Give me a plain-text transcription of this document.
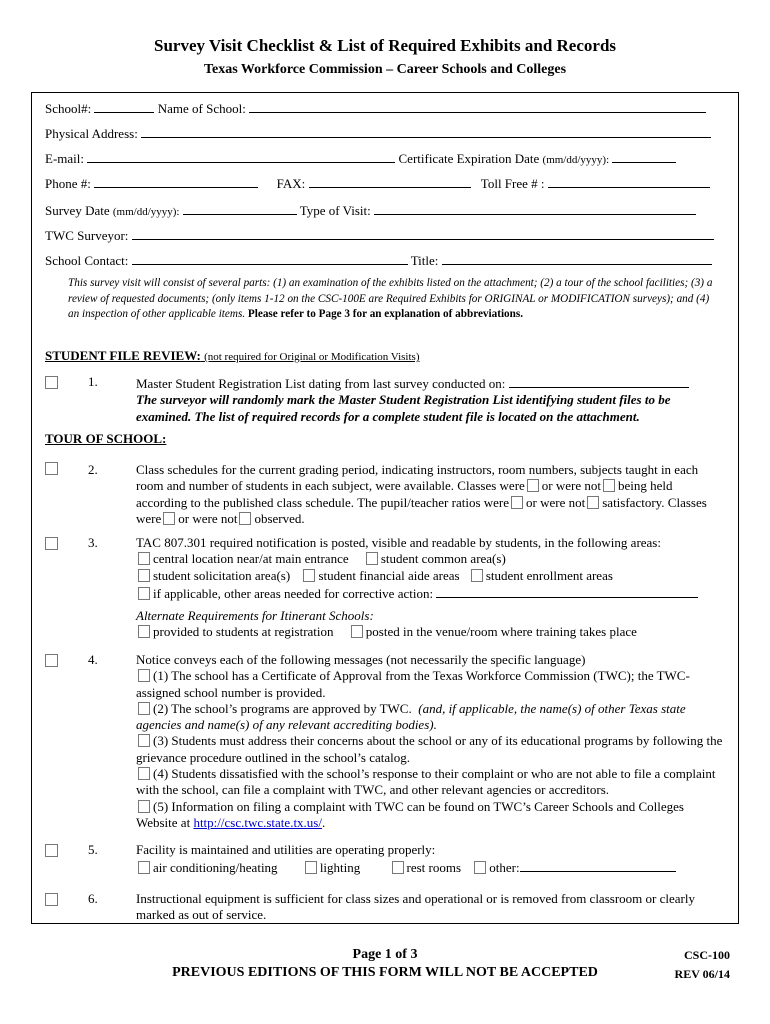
Survey Visit Checklist & List of Required Exhibits and Records
Texas Workforce Commission – Career Schools and Colleges
School#:	Name of School:
Physical Address:
E-mail:	Certificate Expiration Date (mm/dd/yyyy):
Phone #:	FAX:	Toll Free # :
Survey Date (mm/dd/yyyy):	Type of Visit:
TWC Surveyor:
School Contact:	Title:
This survey visit will consist of several parts: (1) an examination of the exhibits listed on the attachment; (2) a tour of the school facilities; (3) a review of requested documents; (only items 1-12 on the CSC-100E are Required Exhibits for ORIGINAL or MODIFICATION surveys); and (4) an inspection of other applicable items. Please refer to Page 3 for an explanation of abbreviations.
STUDENT FILE REVIEW: (not required for Original or Modification Visits)
1.	Master Student Registration List dating from last survey conducted on:
The surveyor will randomly mark the Master Student Registration List identifying student files to be examined. The list of required records for a complete student file is located on the attachment.
TOUR OF SCHOOL:
2.	Class schedules for the current grading period, indicating instructors, room numbers, subjects taught in each room and number of students in each subject, were available. Classes were or were not being held according to the published class schedule. The pupil/teacher ratios were or were not satisfactory. Classes were or were not observed.
3.	TAC 807.301 required notification is posted, visible and readable by students, in the following areas:
central location near/at main entrance student common area(s)
student solicitation area(s) student financial aide areas student enrollment areas
if applicable, other areas needed for corrective action:
Alternate Requirements for Itinerant Schools:
provided to students at registration posted in the venue/room where training takes place
4.	Notice conveys each of the following messages (not necessarily the specific language)
(1) The school has a Certificate of Approval from the Texas Workforce Commission (TWC); the TWC-assigned school number is provided.
(2) The school’s programs are approved by TWC. (and, if applicable, the name(s) of other Texas state agencies and name(s) of any relevant accrediting bodies).
(3) Students must address their concerns about the school or any of its educational programs by following the grievance procedure outlined in the school’s catalog.
(4) Students dissatisfied with the school’s response to their complaint or who are not able to file a complaint with the school, can file a complaint with TWC, and other relevant agencies or accreditors.
(5) Information on filing a complaint with TWC can be found on TWC’s Career Schools and Colleges Website at http://csc.twc.state.tx.us/.
5.	Facility is maintained and utilities are operating properly:
air conditioning/heating	lighting	rest rooms other:
6.	Instructional equipment is sufficient for class sizes and operational or is removed from classroom or clearly marked as out of service.
Page 1 of 3
PREVIOUS EDITIONS OF THIS FORM WILL NOT BE ACCEPTED
CSC-100
REV 06/14
